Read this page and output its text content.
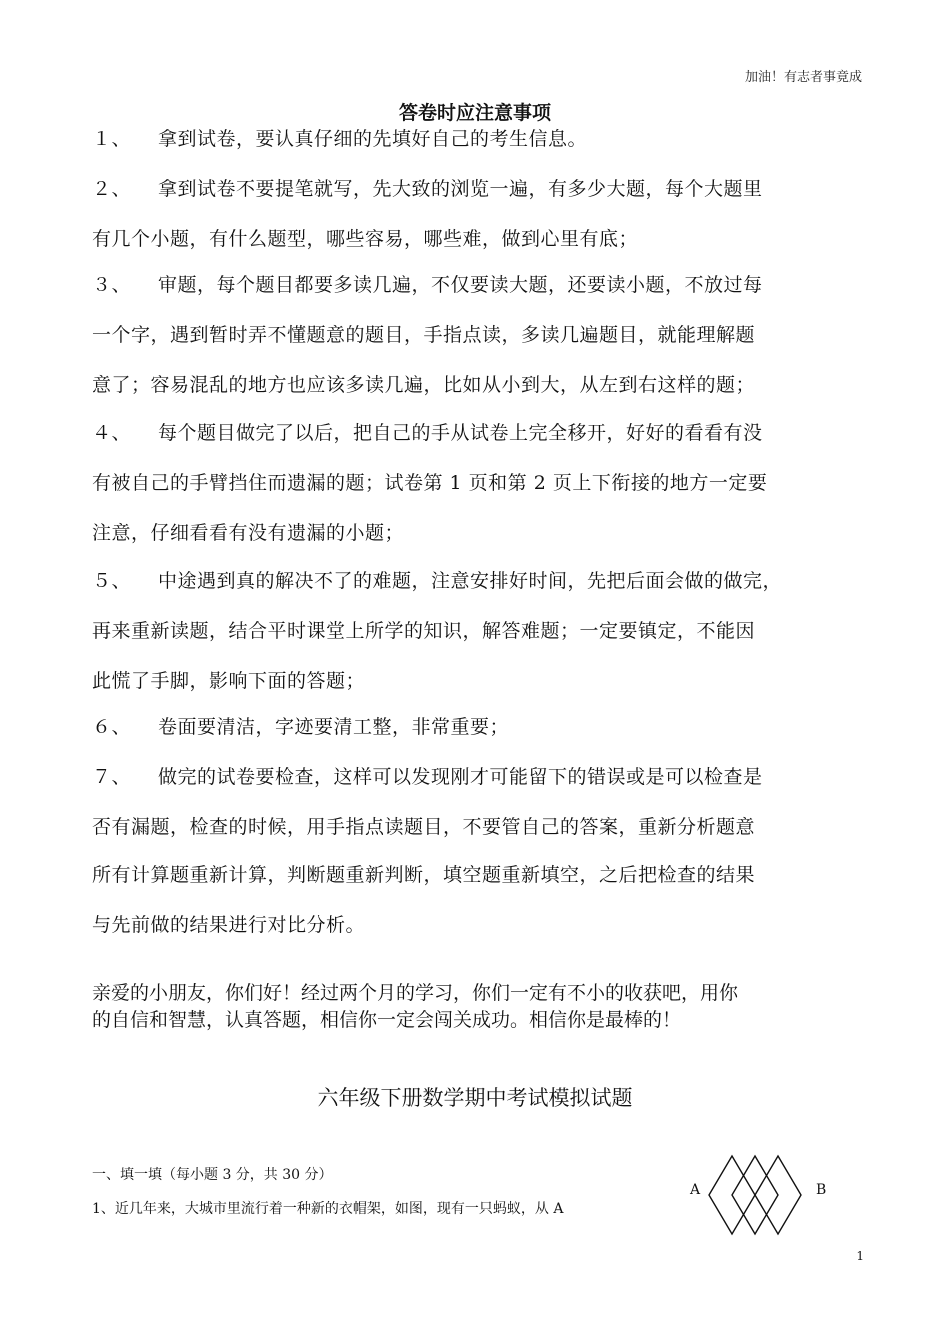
加油！有志者事竟成
答卷时应注意事项
１、 拿到试卷，要认真仔细的先填好自己的考生信息。
２、 拿到试卷不要提笔就写，先大致的浏览一遍，有多少大题，每个大题里
有几个小题，有什么题型，哪些容易，哪些难，做到心里有底；
３、 审题，每个题目都要多读几遍，不仅要读大题，还要读小题，不放过每
一个字，遇到暂时弄不懂题意的题目，手指点读，多读几遍题目，就能理解题
意了；容易混乱的地方也应该多读几遍，比如从小到大，从左到右这样的题；
４、 每个题目做完了以后，把自己的手从试卷上完全移开，好好的看看有没
有被自己的手臂挡住而遗漏的题；试卷第 1 页和第 2 页上下衔接的地方一定要
注意，仔细看看有没有遗漏的小题；
５、 中途遇到真的解决不了的难题，注意安排好时间，先把后面会做的做完，
再来重新读题，结合平时课堂上所学的知识，解答难题；一定要镇定，不能因
此慌了手脚，影响下面的答题；
６、 卷面要清洁，字迹要清工整，非常重要；
７、 做完的试卷要检查，这样可以发现刚才可能留下的错误或是可以检查是
否有漏题，检查的时候，用手指点读题目，不要管自己的答案，重新分析题意
所有计算题重新计算，判断题重新判断，填空题重新填空，之后把检查的结果
与先前做的结果进行对比分析。
亲爱的小朋友，你们好！经过两个月的学习，你们一定有不小的收获吧，用你
的自信和智慧，认真答题，相信你一定会闯关成功。相信你是最棒的！
六年级下册数学期中考试模拟试题
一、填一填（每小题 3 分，共 30 分）
1、近几年来，大城市里流行着一种新的衣帽架，如图，现有一只蚂蚁，从 A
A	B
1
